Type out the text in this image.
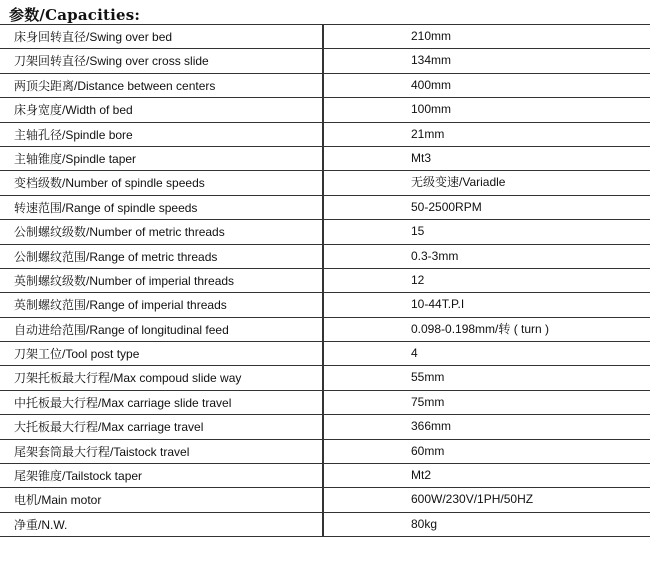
参数/Capacities:
床身回转直径/Swing over bed	210mm
刀架回转直径/Swing over cross slide	134mm
两顶尖距离/Distance between centers	400mm
床身宽度/Width of bed	100mm
主轴孔径/Spindle bore	21mm
主轴锥度/Spindle taper	Mt3
变档级数/Number of spindle speeds	无级变速/Variadle
转速范围/Range of spindle speeds	50-2500RPM
公制螺纹级数/Number of metric threads	15
公制螺纹范围/Range of metric threads	0.3-3mm
英制螺纹级数/Number of imperial threads	12
英制螺纹范围/Range of imperial threads	10-44T.P.I
自动进给范围/Range of longitudinal feed	0.098-0.198mm/转 ( turn )
刀架工位/Tool post type	4
刀架托板最大行程/Max compoud slide way	55mm
中托板最大行程/Max carriage slide travel	75mm
大托板最大行程/Max carriage travel	366mm
尾架套筒最大行程/Taistock travel	60mm
尾架锥度/Tailstock taper	Mt2
电机/Main motor	600W/230V/1PH/50HZ
净重/N.W.	80kg
